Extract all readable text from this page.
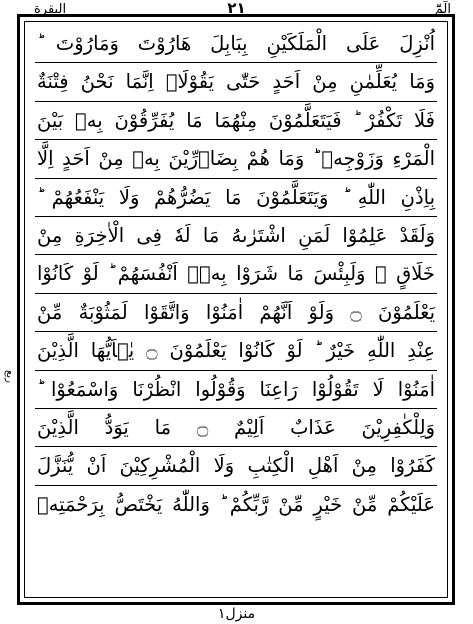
البقرة	٢١	الٓمّٓ
ربع
اُنْزِلَ عَلَى الْمَلَكَيْنِ بِبَابِلَ هَارُوْتَ وَمَارُوْتَ ؕ
وَمَا يُعَلِّمٰنِ مِنْ اَحَدٍ حَتّٰى يَقُوْلَاۤ اِنَّمَا نَحْنُ فِتْنَةٌ
فَلَا تَكْفُرْ ؕ فَيَتَعَلَّمُوْنَ مِنْهُمَا مَا يُفَرِّقُوْنَ بِهٖ بَيْنَ
الْمَرْءِ وَزَوْجِهٖ ؕ وَمَا هُمْ بِضَاۤرِّيْنَ بِهٖ مِنْ اَحَدٍ اِلَّا
بِاِذْنِ اللّٰهِ ؕ وَيَتَعَلَّمُوْنَ مَا يَضُرُّهُمْ وَلَا يَنْفَعُهُمْ ؕ
وَلَقَدْ عَلِمُوْا لَمَنِ اشْتَرٰىهُ مَا لَهٗ فِى الْاٰخِرَةِ مِنْ
خَلَاقٍ ۛ وَلَبِئْسَ مَا شَرَوْا بِهٖۤ اَنْفُسَهُمْ ؕ لَوْ كَانُوْا
يَعْلَمُوْنَ ۝ وَلَوْ اَنَّهُمْ اٰمَنُوْا وَاتَّقَوْا لَمَثُوْبَةٌ مِّنْ
عِنْدِ اللّٰهِ خَيْرٌ ؕ لَوْ كَانُوْا يَعْلَمُوْنَ ۝ يٰۤاَيُّهَا الَّذِيْنَ
اٰمَنُوْا لَا تَقُوْلُوْا رَاعِنَا وَقُوْلُوا انْظُرْنَا وَاسْمَعُوْا ؕ
وَلِلْكٰفِرِيْنَ عَذَابٌ اَلِيْمٌ ۝ مَا يَوَدُّ الَّذِيْنَ
كَفَرُوْا مِنْ اَهْلِ الْكِتٰبِ وَلَا الْمُشْرِكِيْنَ اَنْ يُّنَزَّلَ
عَلَيْكُمْ مِّنْ خَيْرٍ مِّنْ رَّبِّكُمْ ؕ وَاللّٰهُ يَخْتَصُّ بِرَحْمَتِهٖ
منزل١
